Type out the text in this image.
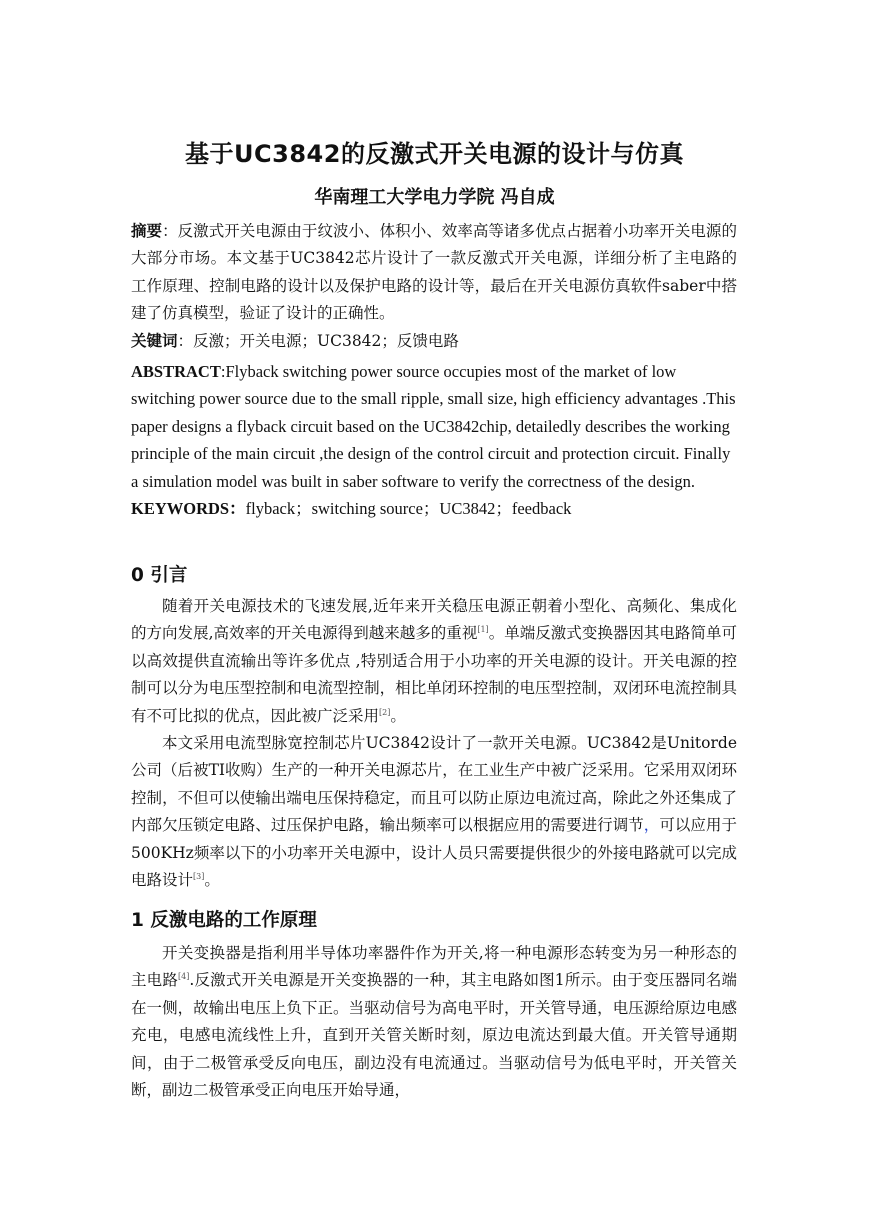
基于UC3842的反激式开关电源的设计与仿真
华南理工大学电力学院 冯自成

摘要：反激式开关电源由于纹波小、体积小、效率高等诸多优点占据着小功率开关电源的大部分市场。本文基于UC3842芯片设计了一款反激式开关电源，详细分析了主电路的工作原理、控制电路的设计以及保护电路的设计等，最后在开关电源仿真软件saber中搭建了仿真模型，验证了设计的正确性。

关键词：反激；开关电源；UC3842；反馈电路

ABSTRACT:Flyback switching power source occupies most of the market of low switching power source due to the small ripple, small size, high efficiency advantages .This paper designs a flyback circuit based on the UC3842chip, detailedly describes the working principle of the main circuit ,the design of the control circuit and protection circuit. Finally a simulation model was built in saber software to verify the correctness of the design.

KEYWORDS：flyback；switching source；UC3842；feedback

0 引言

随着开关电源技术的飞速发展,近年来开关稳压电源正朝着小型化、高频化、集成化的方向发展,高效率的开关电源得到越来越多的重视[1]。单端反激式变换器因其电路简单可以高效提供直流输出等许多优点 ,特别适合用于小功率的开关电源的设计。开关电源的控制可以分为电压型控制和电流型控制，相比单闭环控制的电压型控制，双闭环电流控制具有不可比拟的优点，因此被广泛采用[2]。

本文采用电流型脉宽控制芯片UC3842设计了一款开关电源。UC3842是Unitorde公司（后被TI收购）生产的一种开关电源芯片，在工业生产中被广泛采用。它采用双闭环控制，不但可以使输出端电压保持稳定，而且可以防止原边电流过高，除此之外还集成了内部欠压锁定电路、过压保护电路，输出频率可以根据应用的需要进行调节，可以应用于500KHz频率以下的小功率开关电源中，设计人员只需要提供很少的外接电路就可以完成电路设计[3]。

1 反激电路的工作原理

开关变换器是指利用半导体功率器件作为开关,将一种电源形态转变为另一种形态的主电路[4].反激式开关电源是开关变换器的一种，其主电路如图1所示。由于变压器同名端在一侧，故输出电压上负下正。当驱动信号为高电平时，开关管导通，电压源给原边电感充电，电感电流线性上升，直到开关管关断时刻，原边电流达到最大值。开关管导通期间，由于二极管承受反向电压，副边没有电流通过。当驱动信号为低电平时，开关管关断，副边二极管承受正向电压开始导通，
